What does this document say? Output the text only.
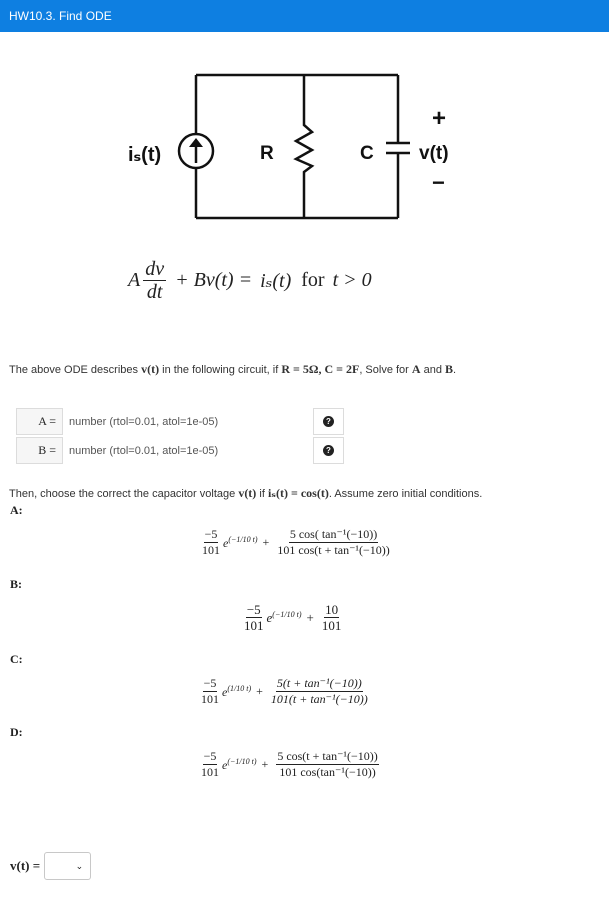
HW10.3. Find ODE
iₛ(t)	R	C v(t)
+
−
A $\frac{dv}{dt} + Bv(t) = i_s(t)$ for t > 0
The above ODE describes v(t) in the following circuit, if R = 5Ω, C = 2F, Solve for A and B.
A =
number (rtol=0.01, atol=1e-05)	?
B =
number (rtol=0.01, atol=1e-05)	?
Then, choose the correct the capacitor voltage v(t) if iₛ(t) = cos(t). Assume zero initial conditions.
A :
$\frac{-5}{101} e^{(-1/10 t)} + \frac{\text{5 cos( tan⁻¹(−10))}}{\text{101 cos(t + tan⁻¹(−10))}}$
B :
$\frac{-5}{101} e^{(-1/10 t)} + \frac{10}{101}$
C :
$\frac{-5}{101} e^{(1/10 t)} + \frac{\text{5(t + tan⁻¹(−10))}}{\text{101(t + tan⁻¹(−10))}}$
D :
$\frac{-5}{101} e^{(-1/10 t)} + \frac{\text{5 cos(t + tan⁻¹(−10))}}{\text{101 cos(tan⁻¹(−10))}}$
v(t) =	⌄
